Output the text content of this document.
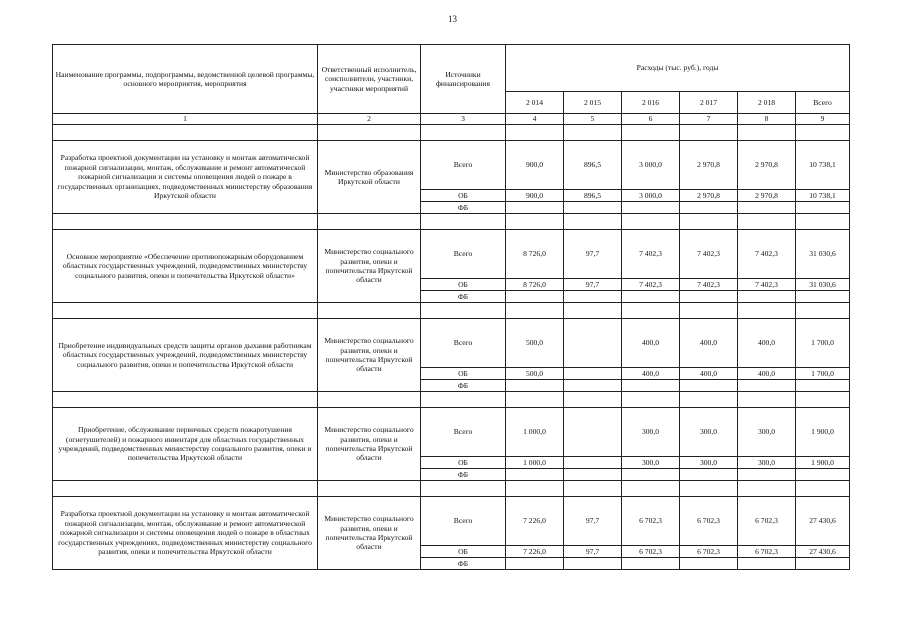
13
Наименование программы, подпрограммы, ведомственной целевой программы, основного мероприятия, мероприятия	Ответственный исполнитель, соисполнители, участники, участники мероприятий	Источники финансирования	Расходы (тыс. руб.), годы					
			2 014	2 015	2 016	2 017	2 018	Всего
1	2	3	4	5	6	7	8	9

Разработка проектной документации на установку и монтаж автоматической пожарной сигнализации, монтаж, обслуживание и ремонт автоматической пожарной сигнализации и системы оповещения людей о пожаре в государственных организациях, подведомственных министерству образования Иркутской области	Министерство образования Иркутской области	Всего	900,0	896,5	3 000,0	2 970,8	2 970,8	10 738,1
		ОБ	900,0	896,5	3 000,0	2 970,8	2 970,8	10 738,1
		ФБ						

Основное мероприятие «Обеспечение противопожарным оборудованием областных государственных учреждений, подведомственных министерству социального развития, опеки и попечительства Иркутской области»	Министерство социального развития, опеки и попечительства Иркутской области	Всего	8 726,0	97,7	7 402,3	7 402,3	7 402,3	31 030,6
		ОБ	8 726,0	97,7	7 402,3	7 402,3	7 402,3	31 030,6
		ФБ						

Приобретение индивидуальных средств защиты органов дыхания работникам областных государственных учреждений, подведомственных министерству социального развития, опеки и попечительства Иркутской области	Министерство социального развития, опеки и попечительства Иркутской области	Всего	500,0		400,0	400,0	400,0	1 700,0
		ОБ	500,0		400,0	400,0	400,0	1 700,0
		ФБ						

Приобретение, обслуживание первичных средств пожаротушения (огнетушителей) и пожарного инвентаря для областных государственных учреждений, подведомственных министерству социального развития, опеки и попечительства Иркутской области	Министерство социального развития, опеки и попечительства Иркутской области	Всего	1 000,0		300,0	300,0	300,0	1 900,0
		ОБ	1 000,0		300,0	300,0	300,0	1 900,0
		ФБ						

Разработка проектной документации на установку и монтаж автоматической пожарной сигнализации, монтаж, обслуживание и ремонт автоматической пожарной сигнализации и системы оповещения людей о пожаре в областных государственных учреждениях, подведомственных министерству социального развития, опеки и попечительства Иркутской области	Министерство социального развития, опеки и попечительства Иркутской области	Всего	7 226,0	97,7	6 702,3	6 702,3	6 702,3	27 430,6
		ОБ	7 226,0	97,7	6 702,3	6 702,3	6 702,3	27 430,6
		ФБ						
